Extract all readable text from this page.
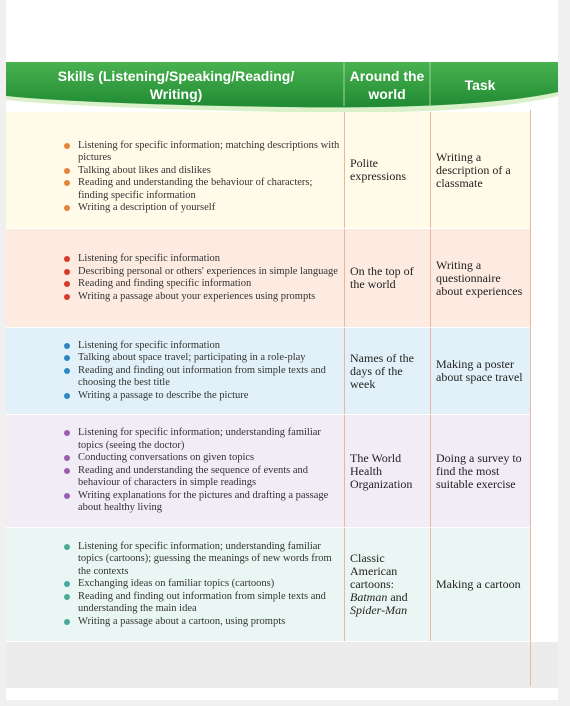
Skills (Listening/Speaking/Reading/ Writing)
Around the world
Task
Listening for specific information; matching descriptions with pictures
Talking about likes and dislikes
Reading and understanding the behaviour of characters; finding specific information
Writing a description of yourself
Polite expressions
Writing a description of a classmate
Listening for specific information
Describing personal or others' experiences in simple language
Reading and finding specific information
Writing a passage about your experiences using prompts
On the top of the world
Writing a questionnaire about experiences
Listening for specific information
Talking about space travel; participating in a role-play
Reading and finding out information from simple texts and choosing the best title
Writing a passage to describe the picture
Names of the days of the week
Making a poster about space travel
Listening for specific information; understanding familiar topics (seeing the doctor)
Conducting conversations on given topics
Reading and understanding the sequence of events and behaviour of characters in simple readings
Writing explanations for the pictures and drafting a passage about healthy living
The World Health Organization
Doing a survey to find the most suitable exercise
Listening for specific information; understanding familiar topics (cartoons); guessing the meanings of new words from the contexts
Exchanging ideas on familiar topics (cartoons)
Reading and finding out information from simple texts and understanding the main idea
Writing a passage about a cartoon, using prompts
Classic American cartoons: Batman and Spider-Man
Making a cartoon
